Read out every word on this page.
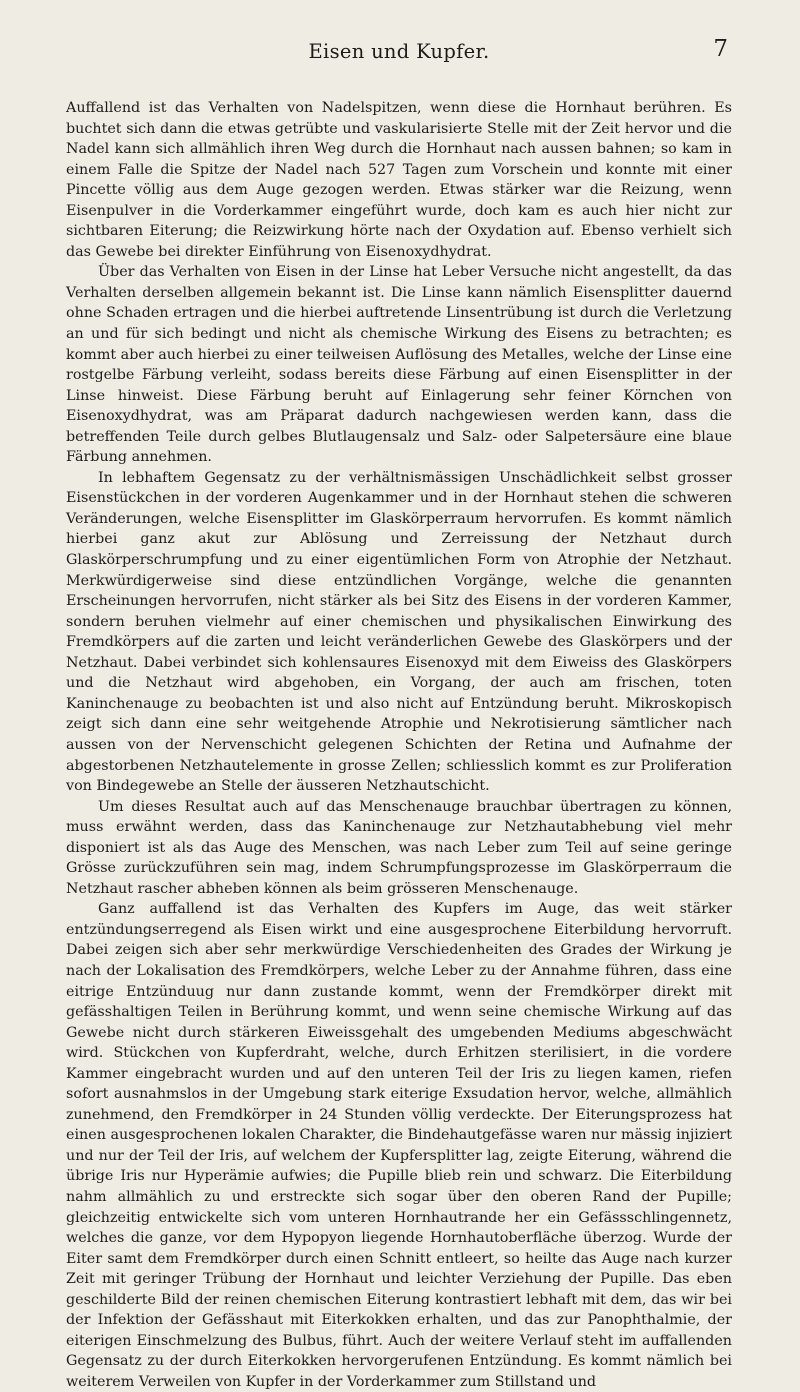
Eisen und Kupfer.	7

Auffallend ist das Verhalten von Nadelspitzen, wenn diese die Hornhaut berühren. Es buchtet sich dann die etwas getrübte und vaskularisierte Stelle mit der Zeit hervor und die Nadel kann sich allmählich ihren Weg durch die Hornhaut nach aussen bahnen; so kam in einem Falle die Spitze der Nadel nach 527 Tagen zum Vorschein und konnte mit einer Pincette völlig aus dem Auge gezogen werden. Etwas stärker war die Reizung, wenn Eisenpulver in die Vorderkammer eingeführt wurde, doch kam es auch hier nicht zur sichtbaren Eiterung; die Reizwirkung hörte nach der Oxydation auf. Ebenso verhielt sich das Gewebe bei direkter Einführung von Eisenoxydhydrat.

Über das Verhalten von Eisen in der Linse hat Leber Versuche nicht angestellt, da das Verhalten derselben allgemein bekannt ist. Die Linse kann nämlich Eisensplitter dauernd ohne Schaden ertragen und die hierbei auftretende Linsentrübung ist durch die Verletzung an und für sich bedingt und nicht als chemische Wirkung des Eisens zu betrachten; es kommt aber auch hierbei zu einer teilweisen Auflösung des Metalles, welche der Linse eine rostgelbe Färbung verleiht, sodass bereits diese Färbung auf einen Eisensplitter in der Linse hinweist. Diese Färbung beruht auf Einlagerung sehr feiner Körnchen von Eisenoxydhydrat, was am Präparat dadurch nachgewiesen werden kann, dass die betreffenden Teile durch gelbes Blutlaugensalz und Salz- oder Salpetersäure eine blaue Färbung annehmen.

In lebhaftem Gegensatz zu der verhältnismässigen Unschädlichkeit selbst grosser Eisenstückchen in der vorderen Augenkammer und in der Hornhaut stehen die schweren Veränderungen, welche Eisensplitter im Glaskörperraum hervorrufen. Es kommt nämlich hierbei ganz akut zur Ablösung und Zerreissung der Netzhaut durch Glaskörperschrumpfung und zu einer eigentümlichen Form von Atrophie der Netzhaut. Merkwürdigerweise sind diese entzündlichen Vorgänge, welche die genannten Erscheinungen hervorrufen, nicht stärker als bei Sitz des Eisens in der vorderen Kammer, sondern beruhen vielmehr auf einer chemischen und physikalischen Einwirkung des Fremdkörpers auf die zarten und leicht veränderlichen Gewebe des Glaskörpers und der Netzhaut. Dabei verbindet sich kohlensaures Eisenoxyd mit dem Eiweiss des Glaskörpers und die Netzhaut wird abgehoben, ein Vorgang, der auch am frischen, toten Kaninchenauge zu beobachten ist und also nicht auf Entzündung beruht. Mikroskopisch zeigt sich dann eine sehr weitgehende Atrophie und Nekrotisierung sämtlicher nach aussen von der Nervenschicht gelegenen Schichten der Retina und Aufnahme der abgestorbenen Netzhautelemente in grosse Zellen; schliesslich kommt es zur Proliferation von Bindegewebe an Stelle der äusseren Netzhautschicht.

Um dieses Resultat auch auf das Menschenauge brauchbar übertragen zu können, muss erwähnt werden, dass das Kaninchenauge zur Netzhautabhebung viel mehr disponiert ist als das Auge des Menschen, was nach Leber zum Teil auf seine geringe Grösse zurückzuführen sein mag, indem Schrumpfungsprozesse im Glaskörperraum die Netzhaut rascher abheben können als beim grösseren Menschenauge.

Ganz auffallend ist das Verhalten des Kupfers im Auge, das weit stärker entzündungserregend als Eisen wirkt und eine ausgesprochene Eiterbildung hervorruft. Dabei zeigen sich aber sehr merkwürdige Verschiedenheiten des Grades der Wirkung je nach der Lokalisation des Fremdkörpers, welche Leber zu der Annahme führen, dass eine eitrige Entzünduug nur dann zustande kommt, wenn der Fremdkörper direkt mit gefässhaltigen Teilen in Berührung kommt, und wenn seine chemische Wirkung auf das Gewebe nicht durch stärkeren Eiweissgehalt des umgebenden Mediums abgeschwächt wird. Stückchen von Kupferdraht, welche, durch Erhitzen sterilisiert, in die vordere Kammer eingebracht wurden und auf den unteren Teil der Iris zu liegen kamen, riefen sofort ausnahmslos in der Umgebung stark eiterige Exsudation hervor, welche, allmählich zunehmend, den Fremdkörper in 24 Stunden völlig verdeckte. Der Eiterungsprozess hat einen ausgesprochenen lokalen Charakter, die Bindehautgefässe waren nur mässig injiziert und nur der Teil der Iris, auf welchem der Kupfersplitter lag, zeigte Eiterung, während die übrige Iris nur Hyperämie aufwies; die Pupille blieb rein und schwarz. Die Eiterbildung nahm allmählich zu und erstreckte sich sogar über den oberen Rand der Pupille; gleichzeitig entwickelte sich vom unteren Hornhautrande her ein Gefässschlingennetz, welches die ganze, vor dem Hypopyon liegende Hornhautoberfläche überzog. Wurde der Eiter samt dem Fremdkörper durch einen Schnitt entleert, so heilte das Auge nach kurzer Zeit mit geringer Trübung der Hornhaut und leichter Verziehung der Pupille. Das eben geschilderte Bild der reinen chemischen Eiterung kontrastiert lebhaft mit dem, das wir bei der Infektion der Gefässhaut mit Eiterkokken erhalten, und das zur Panophthalmie, der eiterigen Einschmelzung des Bulbus, führt. Auch der weitere Verlauf steht im auffallenden Gegensatz zu der durch Eiterkokken hervorgerufenen Entzündung. Es kommt nämlich bei weiterem Verweilen von Kupfer in der Vorderkammer zum Stillstand und
